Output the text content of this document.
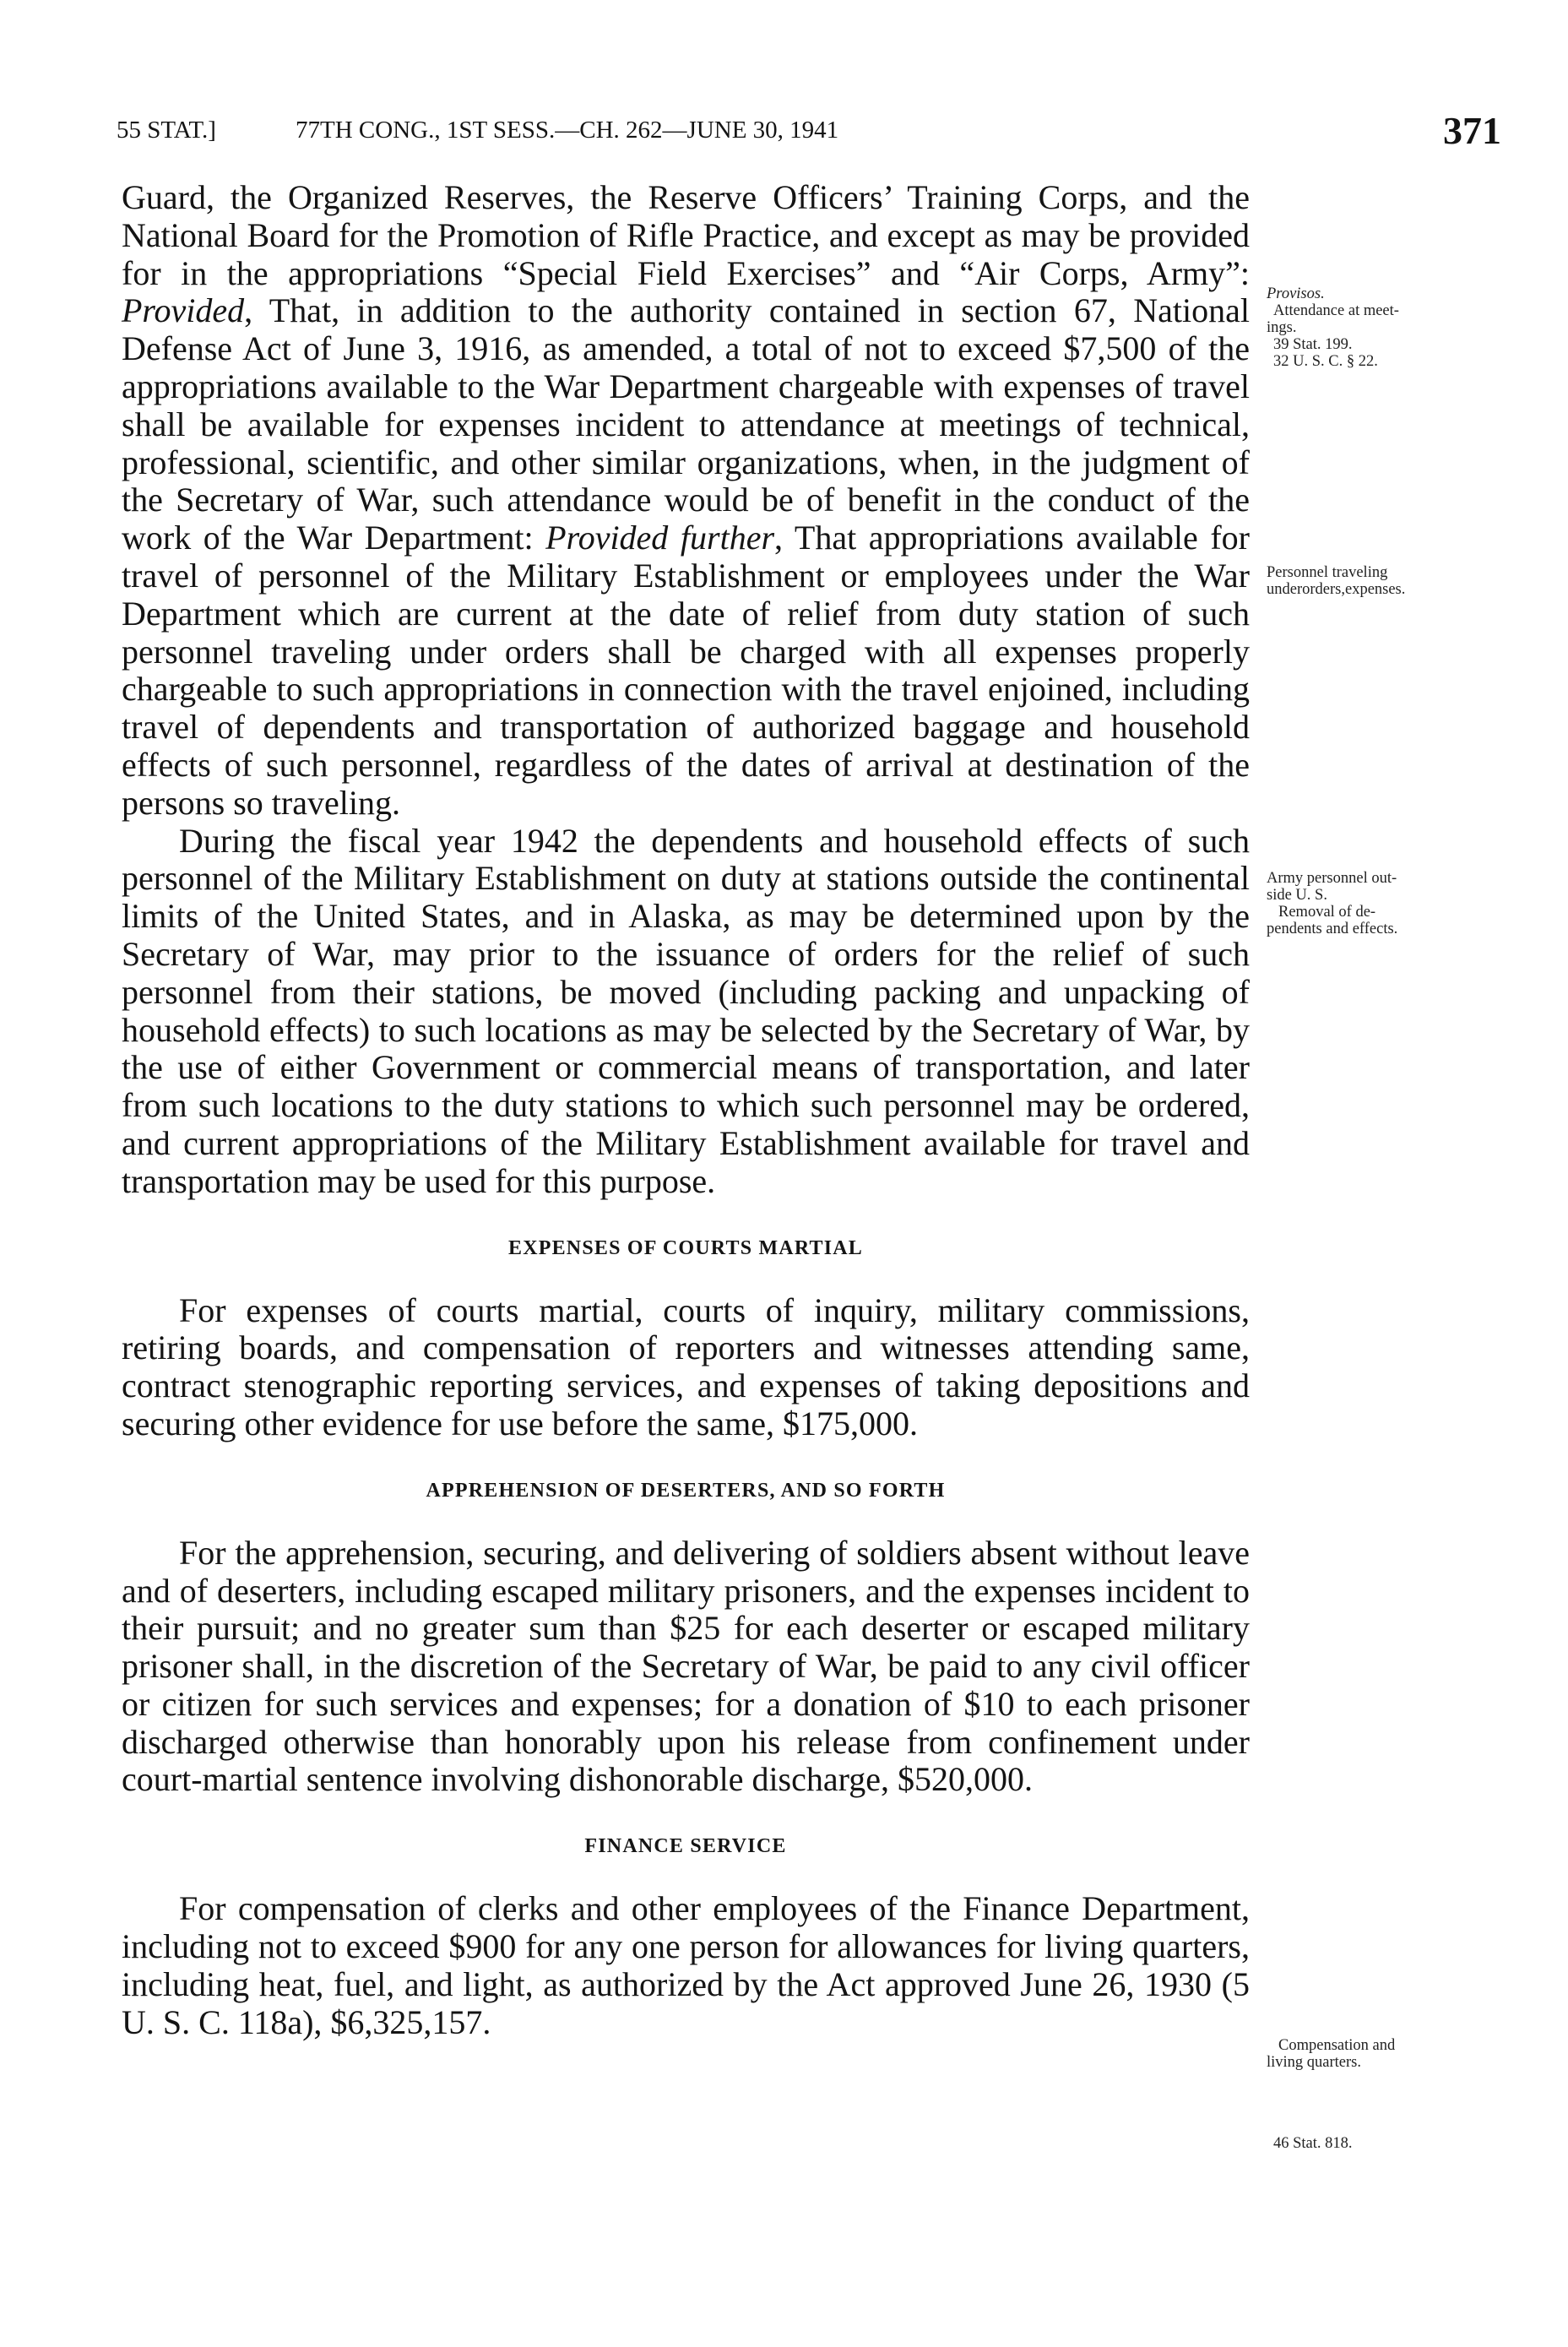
55 STAT.]	77TH CONG., 1ST SESS.—CH. 262—JUNE 30, 1941	371

Guard, the Organized Reserves, the Reserve Officers’ Training Corps, and the National Board for the Promotion of Rifle Practice, and except as may be provided for in the appropriations “Special Field Exercises” and “Air Corps, Army”: Provided, That, in addition to the authority contained in section 67, National Defense Act of June 3, 1916, as amended, a total of not to exceed $7,500 of the appropriations available to the War Department chargeable with expenses of travel shall be available for expenses incident to attendance at meetings of technical, professional, scientific, and other similar organizations, when, in the judgment of the Secretary of War, such attendance would be of benefit in the conduct of the work of the War Department: Provided further, That appropriations available for travel of personnel of the Military Establishment or employees under the War Department which are current at the date of relief from duty station of such personnel traveling under orders shall be charged with all expenses properly chargeable to such appropriations in connection with the travel enjoined, including travel of dependents and transportation of authorized baggage and household effects of such personnel, regardless of the dates of arrival at destination of the persons so traveling.

During the fiscal year 1942 the dependents and household effects of such personnel of the Military Establishment on duty at stations outside the continental limits of the United States, and in Alaska, as may be determined upon by the Secretary of War, may prior to the issuance of orders for the relief of such personnel from their stations, be moved (including packing and unpacking of household effects) to such locations as may be selected by the Secretary of War, by the use of either Government or commercial means of transportation, and later from such locations to the duty stations to which such personnel may be ordered, and current appropriations of the Military Establishment available for travel and transportation may be used for this purpose.

EXPENSES OF COURTS MARTIAL

For expenses of courts martial, courts of inquiry, military commissions, retiring boards, and compensation of reporters and witnesses attending same, contract stenographic reporting services, and expenses of taking depositions and securing other evidence for use before the same, $175,000.

APPREHENSION OF DESERTERS, AND SO FORTH

For the apprehension, securing, and delivering of soldiers absent without leave and of deserters, including escaped military prisoners, and the expenses incident to their pursuit; and no greater sum than $25 for each deserter or escaped military prisoner shall, in the discretion of the Secretary of War, be paid to any civil officer or citizen for such services and expenses; for a donation of $10 to each prisoner discharged otherwise than honorably upon his release from confinement under court-martial sentence involving dishonorable discharge, $520,000.

FINANCE SERVICE

For compensation of clerks and other employees of the Finance Department, including not to exceed $900 for any one person for allowances for living quarters, including heat, fuel, and light, as authorized by the Act approved June 26, 1930 (5 U. S. C. 118a), $6,325,157.

Provisos.
Attendance at meet-
ings.
39 Stat. 199.
32 U. S. C. § 22.
Personnel traveling
underorders,expenses.
Army personnel out-
side U. S.
Removal of de-
pendents and effects.
Compensation and
living quarters.
46 Stat. 818.
